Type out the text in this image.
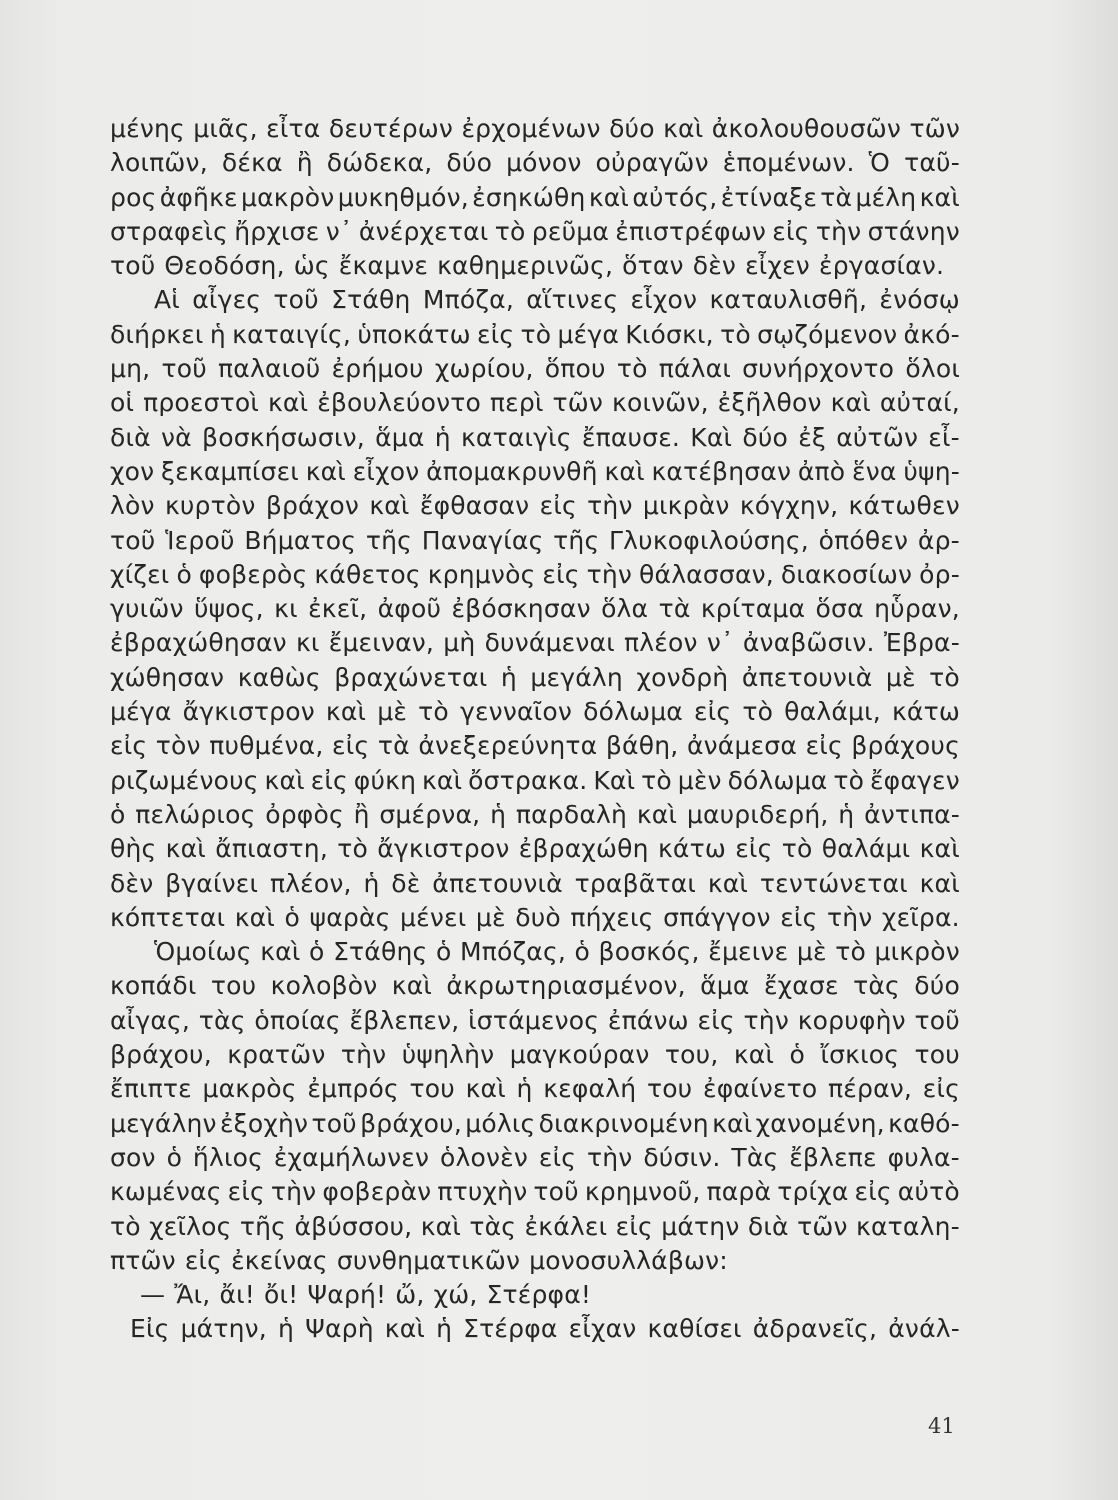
μένης μιᾶς, εἶτα δευτέρων ἐρχομένων δύο καὶ ἀκολουθουσῶν τῶν
λοιπῶν, δέκα ἢ δώδεκα, δύο μόνον οὐραγῶν ἑπομένων. Ὁ ταῦ-
ρος ἀφῆκε μακρὸν μυκηθμόν, ἐσηκώθη καὶ αὐτός, ἐτίναξε τὰ μέλη καὶ
στραφεὶς ἤρχισε ν᾿ ἀνέρχεται τὸ ρεῦμα ἐπιστρέφων εἰς τὴν στάνην
τοῦ Θεοδόση, ὡς ἔκαμνε καθημερινῶς, ὅταν δὲν εἶχεν ἐργασίαν.
Αἱ αἶγες τοῦ Στάθη Μπόζα, αἵτινες εἶχον καταυλισθῆ, ἐνόσῳ
διήρκει ἡ καταιγίς, ὑποκάτω εἰς τὸ μέγα Κιόσκι, τὸ σῳζόμενον ἀκό-
μη, τοῦ παλαιοῦ ἐρήμου χωρίου, ὅπου τὸ πάλαι συνήρχοντο ὅλοι
οἱ προεστοὶ καὶ ἐβουλεύοντο περὶ τῶν κοινῶν, ἐξῆλθον καὶ αὐταί,
διὰ νὰ βοσκήσωσιν, ἅμα ἡ καταιγὶς ἔπαυσε. Καὶ δύο ἐξ αὐτῶν εἶ-
χον ξεκαμπίσει καὶ εἶχον ἀπομακρυνθῆ καὶ κατέβησαν ἀπὸ ἕνα ὑψη-
λὸν κυρτὸν βράχον καὶ ἔφθασαν εἰς τὴν μικρὰν κόγχην, κάτωθεν
τοῦ Ἱεροῦ Βήματος τῆς Παναγίας τῆς Γλυκοφιλούσης, ὁπόθεν ἀρ-
χίζει ὁ φοβερὸς κάθετος κρημνὸς εἰς τὴν θάλασσαν, διακοσίων ὀρ-
γυιῶν ὕψος, κι ἐκεῖ, ἀφοῦ ἐβόσκησαν ὅλα τὰ κρίταμα ὅσα ηὗραν,
ἐβραχώθησαν κι ἔμειναν, μὴ δυνάμεναι πλέον ν᾿ ἀναβῶσιν. Ἐβρα-
χώθησαν καθὼς βραχώνεται ἡ μεγάλη χονδρὴ ἀπετουνιὰ μὲ τὸ
μέγα ἄγκιστρον καὶ μὲ τὸ γενναῖον δόλωμα εἰς τὸ θαλάμι, κάτω
εἰς τὸν πυθμένα, εἰς τὰ ἀνεξερεύνητα βάθη, ἀνάμεσα εἰς βράχους
ριζωμένους καὶ εἰς φύκη καὶ ὄστρακα. Καὶ τὸ μὲν δόλωμα τὸ ἔφαγεν
ὁ πελώριος ὀρφὸς ἢ σμέρνα, ἡ παρδαλὴ καὶ μαυριδερή, ἡ ἀντιπα-
θὴς καὶ ἄπιαστη, τὸ ἄγκιστρον ἐβραχώθη κάτω εἰς τὸ θαλάμι καὶ
δὲν βγαίνει πλέον, ἡ δὲ ἀπετουνιὰ τραβᾶται καὶ τεντώνεται καὶ
κόπτεται καὶ ὁ ψαρὰς μένει μὲ δυὸ πήχεις σπάγγον εἰς τὴν χεῖρα.
Ὁμοίως καὶ ὁ Στάθης ὁ Μπόζας, ὁ βοσκός, ἔμεινε μὲ τὸ μικρὸν
κοπάδι του κολοβὸν καὶ ἀκρωτηριασμένον, ἅμα ἔχασε τὰς δύο
αἶγας, τὰς ὁποίας ἔβλεπεν, ἱστάμενος ἐπάνω εἰς τὴν κορυφὴν τοῦ
βράχου, κρατῶν τὴν ὑψηλὴν μαγκούραν του, καὶ ὁ ἴσκιος του
ἔπιπτε μακρὸς ἐμπρός του καὶ ἡ κεφαλή του ἐφαίνετο πέραν, εἰς
μεγάλην ἐξοχὴν τοῦ βράχου, μόλις διακρινομένη καὶ χανομένη, καθό-
σον ὁ ἥλιος ἐχαμήλωνεν ὁλονὲν εἰς τὴν δύσιν. Τὰς ἔβλεπε φυλα-
κωμένας εἰς τὴν φοβερὰν πτυχὴν τοῦ κρημνοῦ, παρὰ τρίχα εἰς αὐτὸ
τὸ χεῖλος τῆς ἀβύσσου, καὶ τὰς ἐκάλει εἰς μάτην διὰ τῶν καταλη-
πτῶν εἰς ἐκείνας συνθηματικῶν μονοσυλλάβων:
— Ἄι, ἄι! ὄι! Ψαρή! ὤ, χώ, Στέρφα!
Εἰς μάτην, ἡ Ψαρὴ καὶ ἡ Στέρφα εἶχαν καθίσει ἀδρανεῖς, ἀνάλ-
41
